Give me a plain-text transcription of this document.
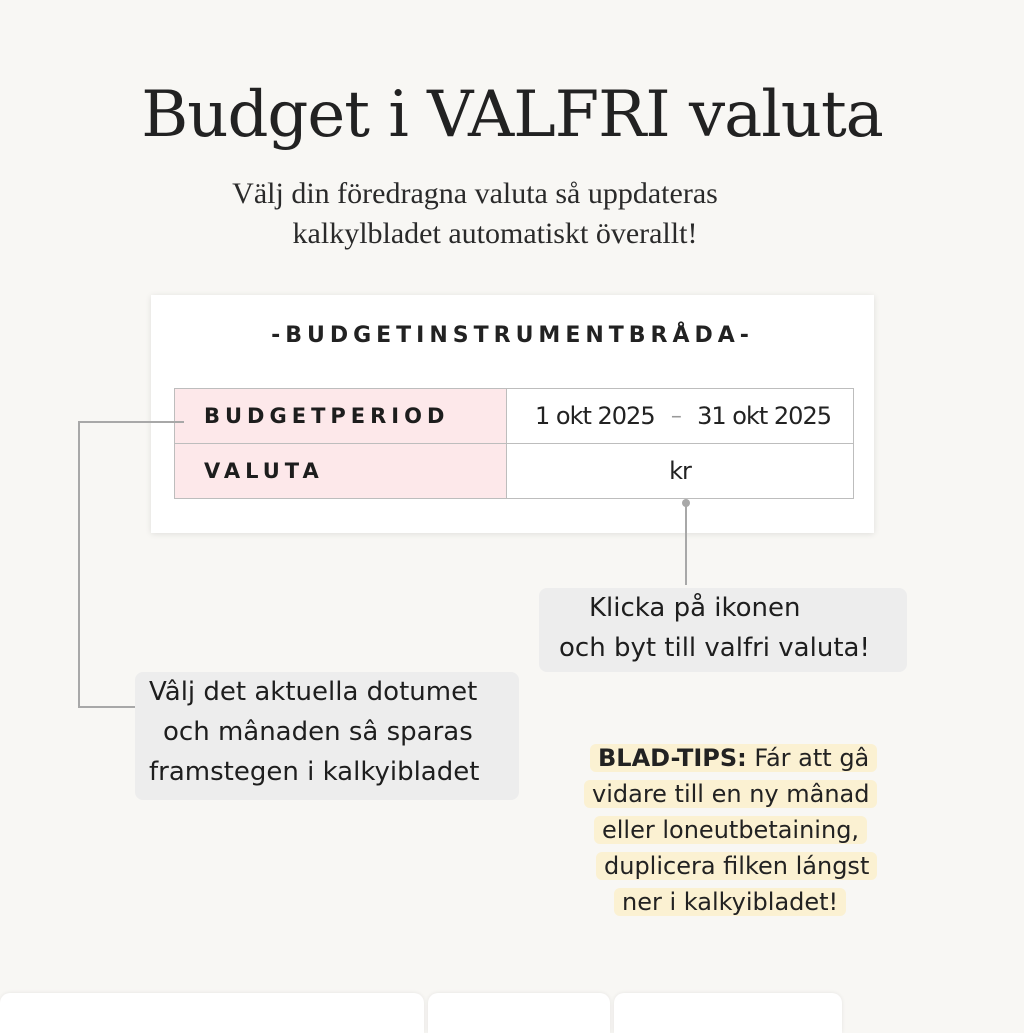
Budget i VALFRI valuta
Välj din föredragna valuta så uppdateras
kalkylbladet automatiskt överallt!
-BUDGETINSTRUMENTBRÅDA-
BUDGETPERIOD	1 okt 2025 – 31 okt 2025

VALUTA	kr
Klicka på ikonen
och byt till valfri valuta!
Vâlj det aktuella dotumet
och mânaden sâ sparas
framstegen i kalkyibladet	BLAD-TIPS: Fár att gâ
vidare till en ny mânad
eller loneutbetaining,
duplicera filken lángst
ner i kalkyibladet!
